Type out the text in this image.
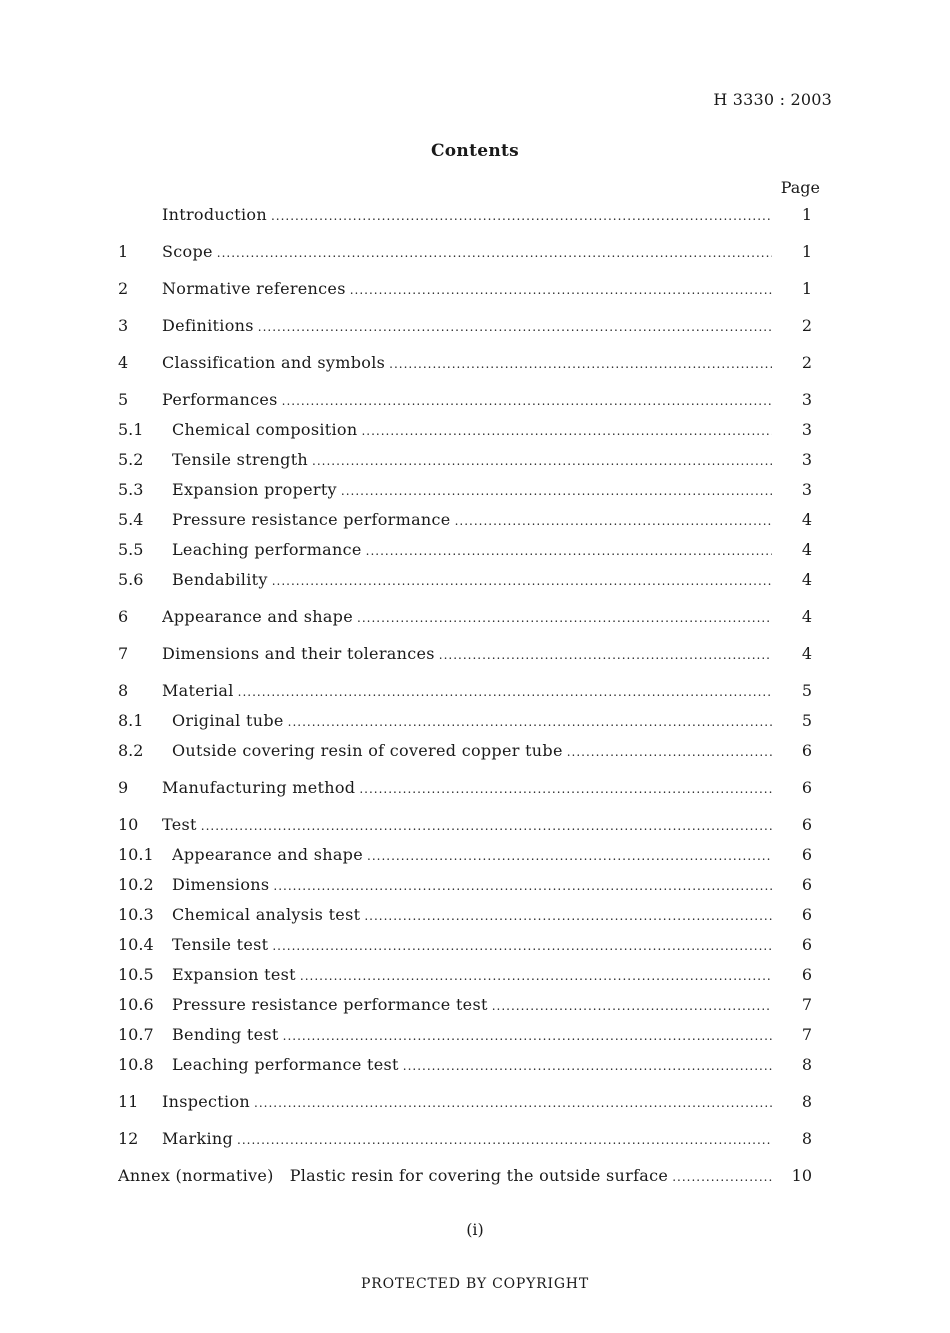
H 3330 : 2003
Contents
Page
Introduction .....	1
1	Scope .....	1
2	Normative references .....	1
3	Definitions .....	2
4	Classification and symbols .....	2
5	Performances .....	3
5.1	Chemical composition .....	3
5.2	Tensile strength .....	3
5.3	Expansion property .....	3
5.4	Pressure resistance performance .....	4
5.5	Leaching performance .....	4
5.6	Bendability .....	4
6	Appearance and shape .....	4
7	Dimensions and their tolerances .....	4
8	Material .....	5
8.1	Original tube .....	5
8.2	Outside covering resin of covered copper tube .....	6
9	Manufacturing method .....	6
10	Test .....	6
10.1	Appearance and shape .....	6
10.2	Dimensions .....	6
10.3	Chemical analysis test .....	6
10.4	Tensile test .....	6
10.5	Expansion test .....	6
10.6	Pressure resistance performance test .....	7
10.7	Bending test .....	7
10.8	Leaching performance test .....	8
11	Inspection .....	8
12	Marking .....	8
Annex (normative)	Plastic resin for covering the outside surface .....	10
(i)
PROTECTED BY COPYRIGHT
